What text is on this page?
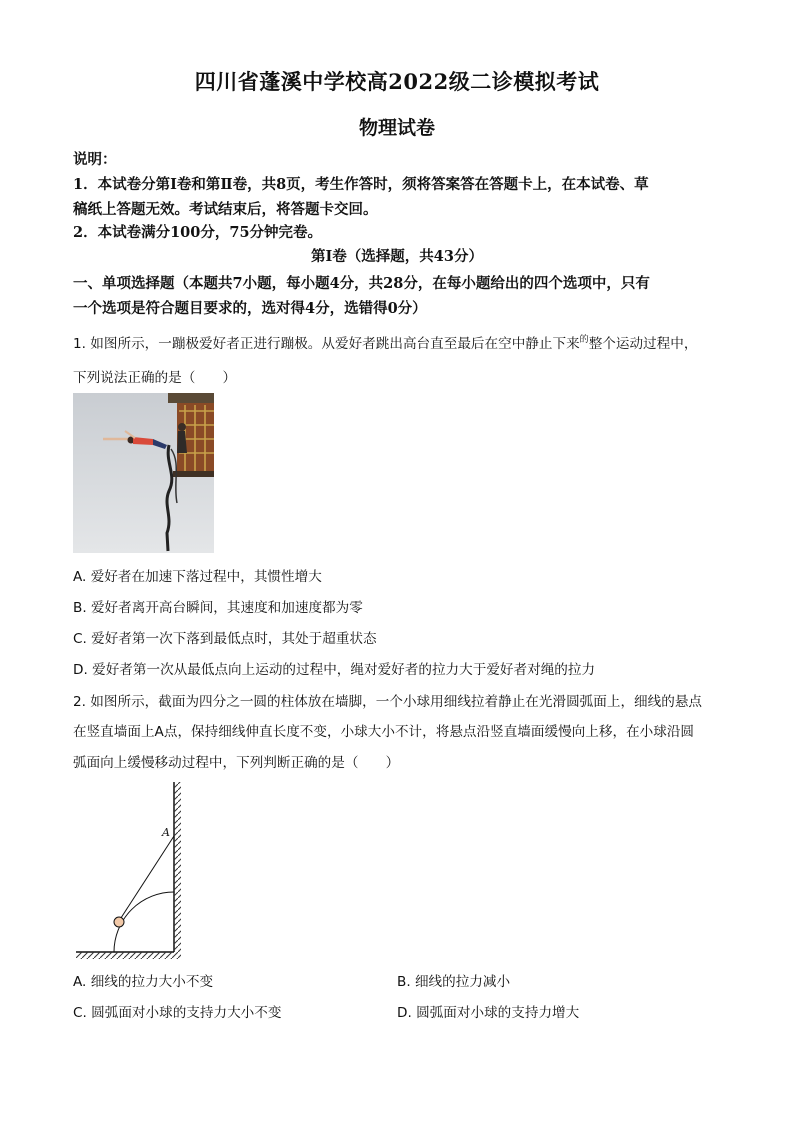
四川省蓬溪中学校高2022级二诊模拟考试
物理试卷
说明：
1．本试卷分第Ⅰ卷和第Ⅱ卷，共8页，考生作答时，须将答案答在答题卡上，在本试卷、草
稿纸上答题无效。考试结束后，将答题卡交回。
2．本试卷满分100分，75分钟完卷。
第Ⅰ卷（选择题，共43分）
一、单项选择题（本题共7小题，每小题4分，共28分，在每小题给出的四个选项中，只有
一个选项是符合题目要求的，选对得4分，选错得0分）
1. 如图所示，一蹦极爱好者正进行蹦极。从爱好者跳出高台直至最后在空中静止下来$^的$整个运动过程中，
下列说法正确的是（　　）
A. 爱好者在加速下落过程中，其惯性增大
B. 爱好者离开高台瞬间，其速度和加速度都为零
C. 爱好者第一次下落到最低点时，其处于超重状态
D. 爱好者第一次从最低点向上运动的过程中，绳对爱好者的拉力大于爱好者对绳的拉力
2. 如图所示，截面为四分之一圆的柱体放在墙脚，一个小球用细线拉着静止在光滑圆弧面上，细线的悬点
在竖直墙面上A点，保持细线伸直长度不变，小球大小不计，将悬点沿竖直墙面缓慢向上移，在小球沿圆
弧面向上缓慢移动过程中，下列判断正确的是（　　）
A
A. 细线的拉力大小不变	B. 细线的拉力减小
C. 圆弧面对小球的支持力大小不变	D. 圆弧面对小球的支持力增大
